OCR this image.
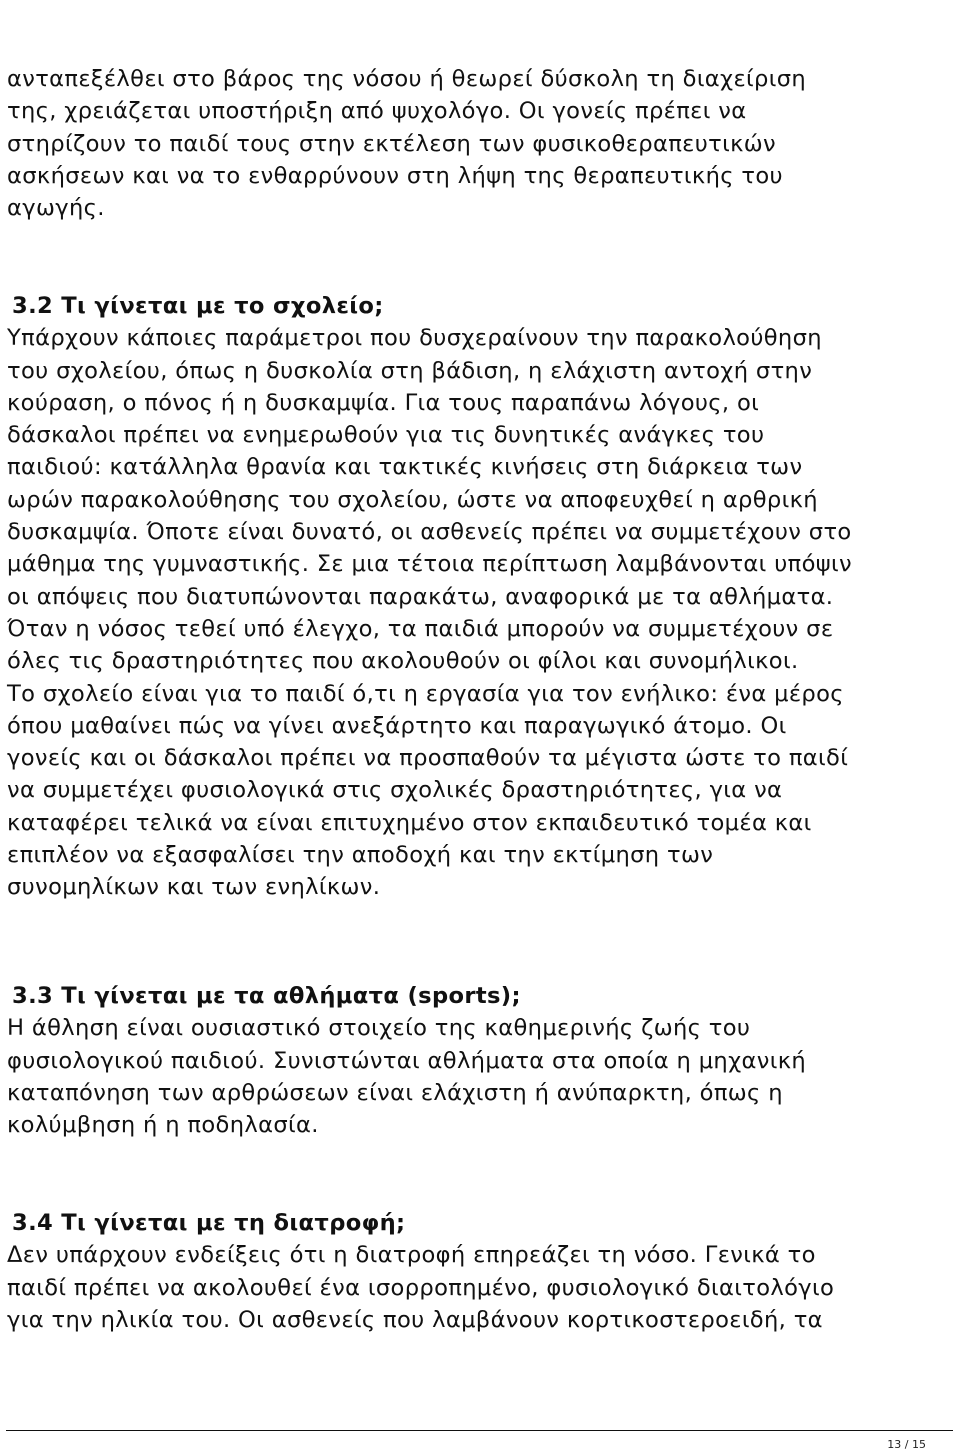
ανταπεξέλθει στο βάρος της νόσου ή θεωρεί δύσκολη τη διαχείριση
της, χρειάζεται υποστήριξη από ψυχολόγο. Οι γονείς πρέπει να
στηρίζουν το παιδί τους στην εκτέλεση των φυσικοθεραπευτικών
ασκήσεων και να το ενθαρρύνουν στη λήψη της θεραπευτικής του
αγωγής.
3.2 Τι γίνεται με το σχολείο;
Υπάρχουν κάποιες παράμετροι που δυσχεραίνουν την παρακολούθηση
του σχολείου, όπως η δυσκολία στη βάδιση, η ελάχιστη αντοχή στην
κούραση, ο πόνος ή η δυσκαμψία. Για τους παραπάνω λόγους, οι
δάσκαλοι πρέπει να ενημερωθούν για τις δυνητικές ανάγκες του
παιδιού: κατάλληλα θρανία και τακτικές κινήσεις στη διάρκεια των
ωρών παρακολούθησης του σχολείου, ώστε να αποφευχθεί η αρθρική
δυσκαμψία. Όποτε είναι δυνατό, οι ασθενείς πρέπει να συμμετέχουν στο
μάθημα της γυμναστικής. Σε μια τέτοια περίπτωση λαμβάνονται υπόψιν
οι απόψεις που διατυπώνονται παρακάτω, αναφορικά με τα αθλήματα.
Όταν η νόσος τεθεί υπό έλεγχο, τα παιδιά μπορούν να συμμετέχουν σε
όλες τις δραστηριότητες που ακολουθούν οι φίλοι και συνομήλικοι.
Το σχολείο είναι για το παιδί ό,τι η εργασία για τον ενήλικο: ένα μέρος
όπου μαθαίνει πώς να γίνει ανεξάρτητο και παραγωγικό άτομο. Οι
γονείς και οι δάσκαλοι πρέπει να προσπαθούν τα μέγιστα ώστε το παιδί
να συμμετέχει φυσιολογικά στις σχολικές δραστηριότητες, για να
καταφέρει τελικά να είναι επιτυχημένο στον εκπαιδευτικό τομέα και
επιπλέον να εξασφαλίσει την αποδοχή και την εκτίμηση των
συνομηλίκων και των ενηλίκων.
3.3 Τι γίνεται με τα αθλήματα (sports);
Η άθληση είναι ουσιαστικό στοιχείο της καθημερινής ζωής του
φυσιολογικού παιδιού. Συνιστώνται αθλήματα στα οποία η μηχανική
καταπόνηση των αρθρώσεων είναι ελάχιστη ή ανύπαρκτη, όπως η
κολύμβηση ή η ποδηλασία.
3.4 Τι γίνεται με τη διατροφή;
Δεν υπάρχουν ενδείξεις ότι η διατροφή επηρεάζει τη νόσο. Γενικά το
παιδί πρέπει να ακολουθεί ένα ισορροπημένο, φυσιολογικό διαιτολόγιο
για την ηλικία του. Οι ασθενείς που λαμβάνουν κορτικοστεροειδή, τα
13 / 15
